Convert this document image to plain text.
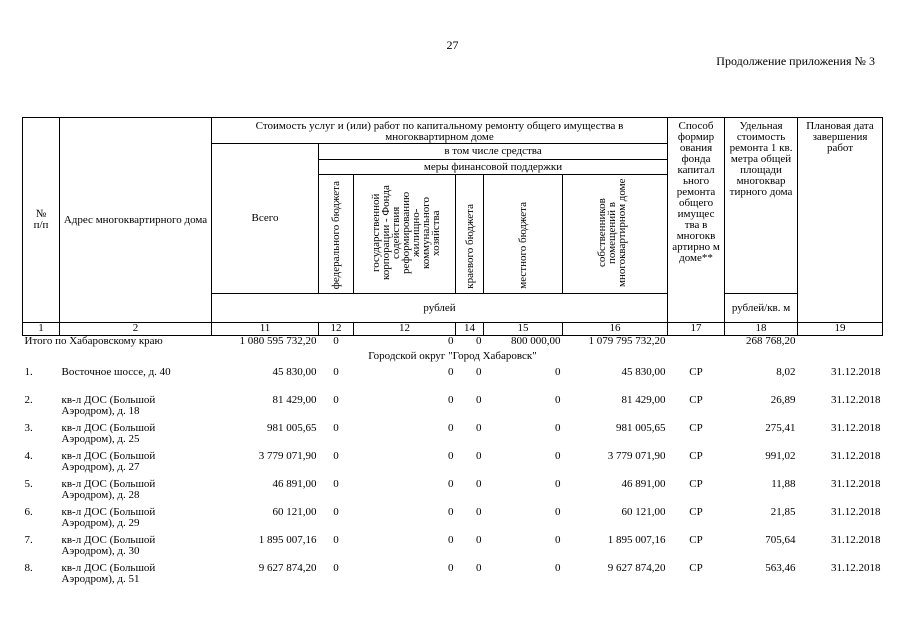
27
Продолжение приложения № 3
№
п/п	Адрес многоквартирного дома	Стоимость услуг и (или) работ по капитальному ремонту общего имущества в многоквартирном доме						Способ формир ования фонда капитал ьного ремонта общего имущес тва в многокв артирно м доме**	Удельная стоимость ремонта 1 кв. метра общей площади многоквар тирного дома	Плановая дата завершения работ
		Всего	в том числе средства							
			меры финансовой поддержки							

			федерального бюджета	государственной корпорации - Фонда содействия реформированию жилищно-коммунального хозяйства	краевого бюджета	местного бюджета	собственников помещений в многоквартирном доме			

		рублей							рублей/кв. м	
1	2	11	12	12	14	15	16	17	18	19
Итого по Хабаровскому краю		1 080 595 732,20	0	0	0	800 000,00	1 079 795 732,20		268 768,20	
Городской округ "Город Хабаровск"										
1.	Восточное шоссе, д. 40	45 830,00	0	0	0	0	45 830,00	СР	8,02	31.12.2018
2.	кв-л ДОС (Большой Аэродром), д. 18	81 429,00	0	0	0	0	81 429,00	СР	26,89	31.12.2018
3.	кв-л ДОС (Большой Аэродром), д. 25	981 005,65	0	0	0	0	981 005,65	СР	275,41	31.12.2018
4.	кв-л ДОС (Большой Аэродром), д. 27	3 779 071,90	0	0	0	0	3 779 071,90	СР	991,02	31.12.2018
5.	кв-л ДОС (Большой Аэродром), д. 28	46 891,00	0	0	0	0	46 891,00	СР	11,88	31.12.2018
6.	кв-л ДОС (Большой Аэродром), д. 29	60 121,00	0	0	0	0	60 121,00	СР	21,85	31.12.2018
7.	кв-л ДОС (Большой Аэродром), д. 30	1 895 007,16	0	0	0	0	1 895 007,16	СР	705,64	31.12.2018
8.	кв-л ДОС (Большой Аэродром), д. 51	9 627 874,20	0	0	0	0	9 627 874,20	СР	563,46	31.12.2018
